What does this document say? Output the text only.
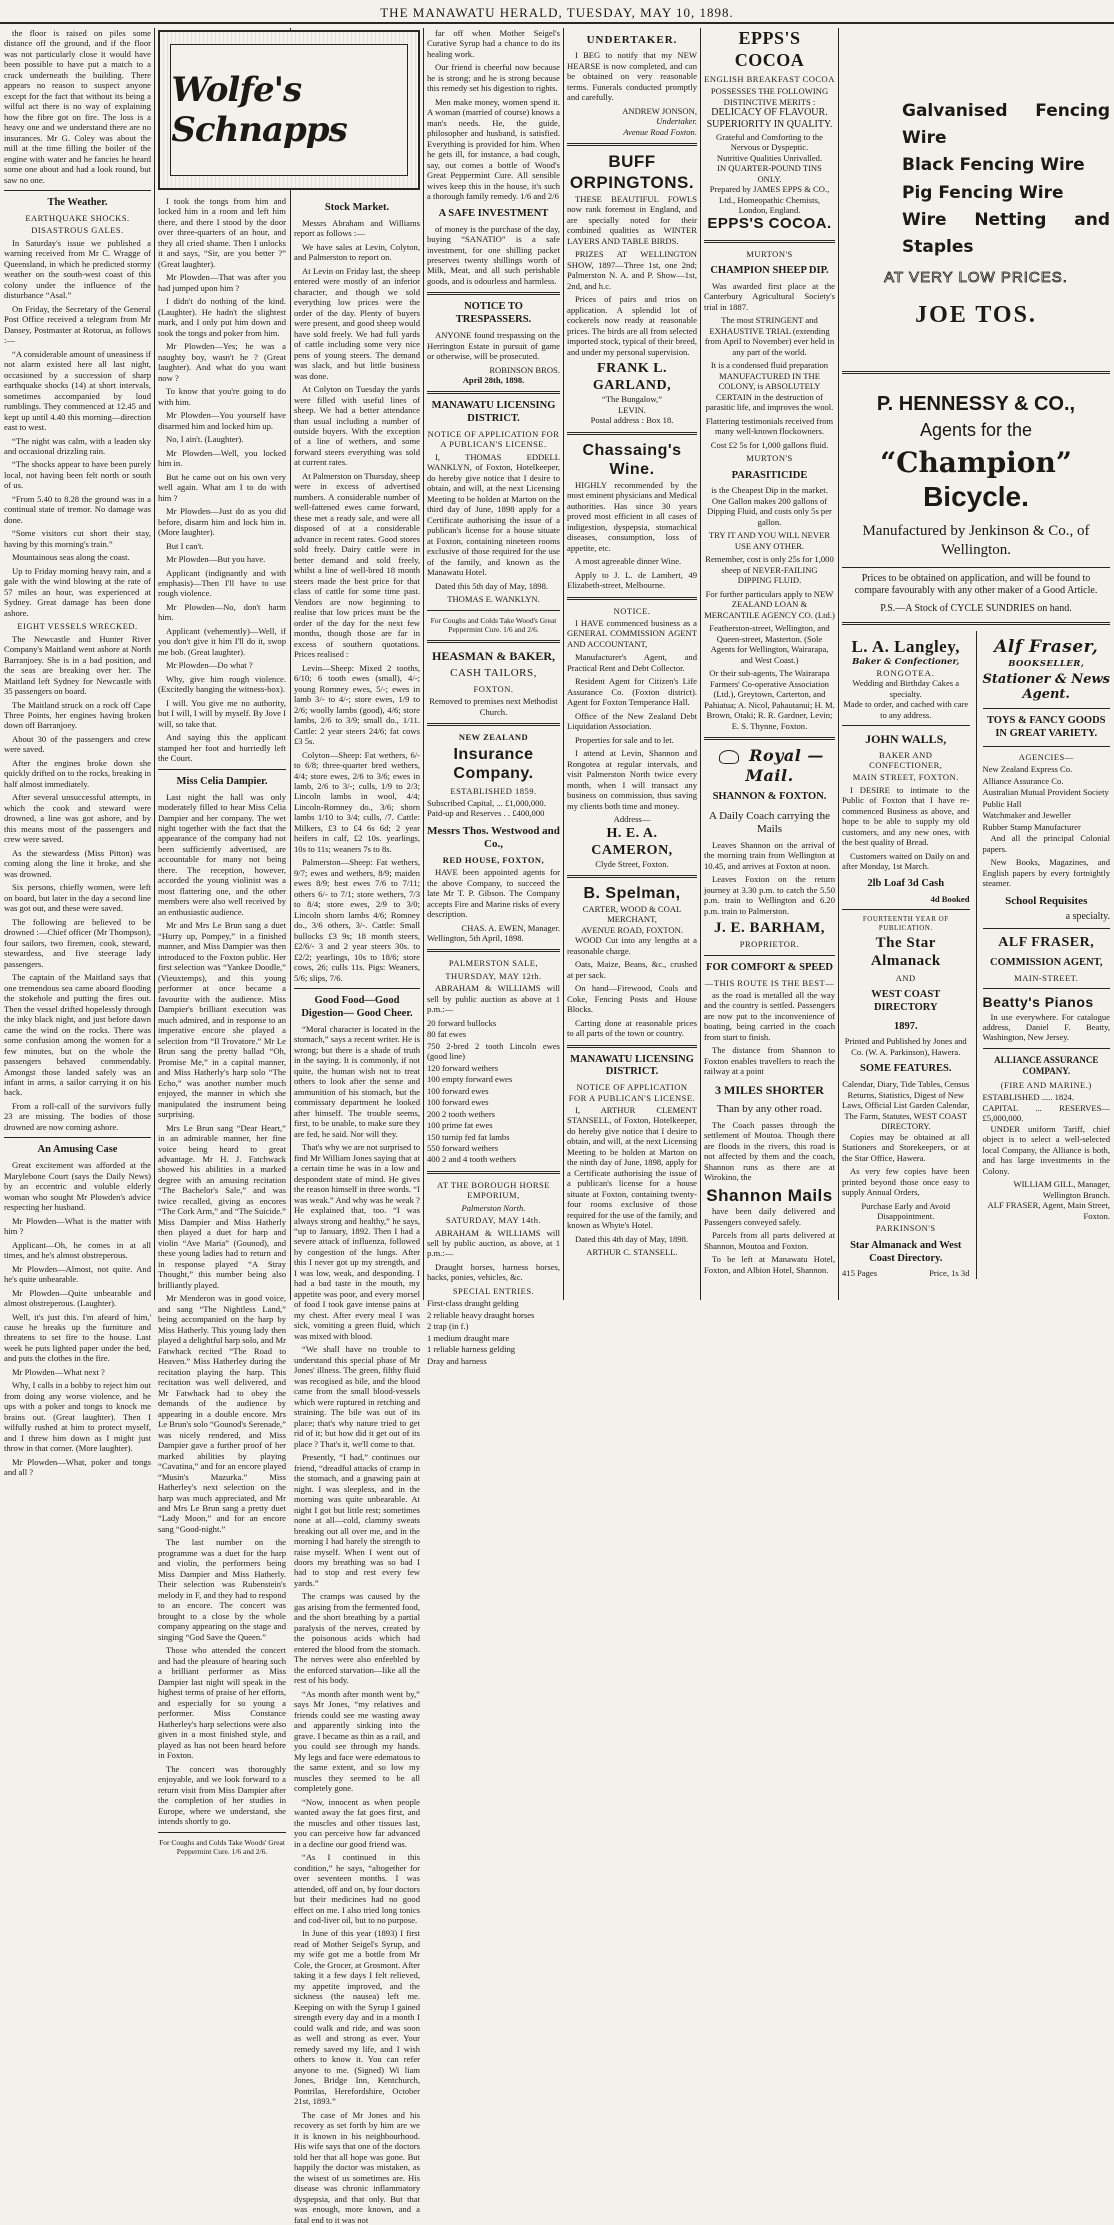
THE MANAWATU HERALD, TUESDAY, MAY 10, 1898.

the floor is raised on piles some distance off the ground, and if the floor was not particularly close it would have been possible to have put a match to a crack underneath the building. There appears no reason to suspect anyone except for the fact that without its being a wilful act there is no way of explaining how the fibre got on fire. The loss is a heavy one and we understand there are no insurances. Mr G. Coley was about the mill at the time filling the boiler of the engine with water and he fancies he heard some one about and had a look round, but saw no one.

The Weather.
EARTHQUAKE SHOCKS.
DISASTROUS GALES.

In Saturday's issue we published a warning received from Mr C. Wragge of Queensland, in which he predicted stormy weather on the south-west coast of this colony under the influence of the disturbance “Asal.”

On Friday, the Secretary of the General Post Office received a telegram from Mr Dansey, Postmaster at Rotorua, as follows :—

“A considerable amount of uneasiness if not alarm existed here all last night, occasioned by a succession of sharp earthquake shocks (14) at short intervals, sometimes accompanied by loud rumblings. They commenced at 12.45 and kept up until 4.40 this morning—direction east to west.

“The night was calm, with a leaden sky and occasional drizzling rain.

“The shocks appear to have been purely local, not having been felt north or south of us.

“From 5.40 to 8.28 the ground was in a continual state of tremor. No damage was done.

“Some visitors cut short their stay, having by this morning's train.”

Mountainous seas along the coast.

Up to Friday morning heavy rain, and a gale with the wind blowing at the rate of 57 miles an hour, was experienced at Sydney. Great damage has been done ashore.

EIGHT VESSELS WRECKED.

The Newcastle and Hunter River Company's Maitland went ashore at North Barranjoey. She is in a bad position, and the seas are breaking over her. The Maitland left Sydney for Newcastle with 35 passengers on board.

The Maitland struck on a rock off Cape Three Points, her engines having broken down off Barranjoey.

About 30 of the passengers and crew were saved.

After the engines broke down she quickly drifted on to the rocks, breaking in half almost immediately.

After several unsuccessful attempts, in which the cook and steward were drowned, a line was got ashore, and by this means most of the passengers and crew were saved.

As the stewardess (Miss Pitton) was coming along the line it broke, and she was drowned.

Six persons, chiefly women, were left on board, but later in the day a second line was got out, and these were saved.

The following are believed to be drowned :—Chief officer (Mr Thompson), four sailors, two firemen, cook, steward, stewardess, and five steerage lady passengers.

The captain of the Maitland says that one tremendous sea came aboard flooding the stokehole and putting the fires out. Then the vessel drifted hopelessly through the inky black night, and just before dawn came the wind on the rocks. There was some confusion among the women for a few minutes, but on the whole the passengers behaved commendably. Amongst those landed safely was an infant in arms, a sailor carrying it on his back.

From a roll-call of the survivors fully 23 are missing. The bodies of those drowned are now coming ashore.

An Amusing Case

Great excitement was afforded at the Marylebone Court (says the Daily News) by an eccentric and voluble elderly woman who sought Mr Plowden's advice respecting her husband.

Mr Plowden—What is the matter with him ?

Applicant—Oh, he comes in at all times, and he's almost obstreperous.

Mr Plowden—Almost, not quite. And he's quite unbearable.

Mr Plowden—Quite unbearable and almost obstreperous. (Laughter).

Well, it's just this. I'm afeard of him,' cause he breaks up the furniture and threatens to set fire to the house. Last week he puts lighted paper under the bed, and puts the clothes in the fire.

Mr Plowden—What next ?

Why, I calls in a bobby to reject him out from doing any worse violence, and he ups with a poker and tongs to knock me brains out. (Great laughter). Then I wilfully rushed at him to protect myself, and I threw him down as I might just throw in that corner. (More laughter).

Mr Plowden—What, poker and tongs and all ?

Wolfe's Schnapps

I took the tongs from him and locked him in a room and left him there, and there I stood by the door over three-quarters of an hour, and they all cried shame. Then I unlocks it and says, “Sir, are you better ?” (Great laughter).

Mr Plowden—That was after you had jumped upon him ?

I didn't do nothing of the kind. (Laughter). He hadn't the slightest mark, and I only put him down and took the tongs and poker from him.

Mr Plowden—Yes; he was a naughty boy, wasn't he ? (Great laughter). And what do you want now ?

To know that you're going to do with him.

Mr Plowden—You yourself have disarmed him and locked him up.

No, I ain't. (Laughter).

Mr Plowden—Well, you locked him in.

But he came out on his own very well again. What am I to do with him ?

Mr Plowden—Just do as you did before, disarm him and lock him in. (More laughter).

But I can't.

Mr Plowden—But you have.

Applicant (indignantly and with emphasis)—Then I'll have to use rough violence.

Mr Plowden—No, don't harm him.

Applicant (vehemently)—Well, if you don't give it him I'll do it, swop me bob. (Great laughter).

Mr Plowden—Do what ?

Why, give him rough violence. (Excitedly banging the witness-box).

I will. You give me no authority, but I will, I will by myself. By Jove I will, so take that.

And saying this the applicant stamped her foot and hurriedly left the Court.

Miss Celia Dampier.

Last night the hall was only moderately filled to hear Miss Celia Dampier and her company. The wet night together with the fact that the appearance of the company had not been sufficiently advertised, are accountable for many not being there. The reception, however, accorded the young violinist was a most flattering one, and the other members were also well received by an enthusiastic audience.

Mr and Mrs Le Brun sang a duet “Hurry up, Pompey,” in a finished manner, and Miss Dampier was then introduced to the Foxton public. Her first selection was “Yankee Doodle,” (Vieuxtemps), and this young performer at once became a favourite with the audience. Miss Dampier's brilliant execution was much admired, and in response to an imperative encore she played a selection from “Il Trovatore.” Mr Le Brun sang the pretty ballad “Oh, Promise Me,” in a capital manner, and Miss Hatherly's harp solo “The Echo,” was another number much enjoyed, the manner in which she manipulated the instrument being surprising.

Mrs Le Brun sang “Dear Heart,” in an admirable manner, her fine voice being heard to great advantage. Mr H. J. Fatchwack showed his abilities in a marked degree with an amusing recitation “The Bachelor's Sale,” and was twice recalled, giving as encores “The Cork Arm,” and “The Suicide.” Miss Dampier and Miss Hatherly then played a duet for harp and violin “Ave Maria” (Gounod), and these young ladies had to return and in response played “A Stray Thought,” this number being also brilliantly played.

Mr Menderon was in good voice, and sang “The Nightless Land,” being accompanied on the harp by Miss Hatherly. This young lady then played a delightful harp solo, and Mr Fatwhack recited “The Road to Heaven.” Miss Hatherley during the recitation playing the harp. This recitation was well delivered, and Mr Fatwhack had to obey the demands of the audience by appearing in a double encore. Mrs Le Brun's solo “Gounod's Serenade,” was nicely rendered, and Miss Dampier gave a further proof of her marked abilities by playing “Cavatina,” and for an encore played “Musin's Mazurka.” Miss Hatherley's next selection on the harp was much appreciated, and Mr and Mrs Le Brun sang a pretty duet “Lady Moon,” and for an encore sang “Good-night.”

The last number on the programme was a duet for the harp and violin, the performers being Miss Dampier and Miss Hatherly. Their selection was Rubenstein's melody in F, and they had to respond to an encore. The concert was brought to a close by the whole company appearing on the stage and singing “God Save the Queen.”

Those who attended the concert and had the pleasure of hearing such a brilliant performer as Miss Dampier last night will speak in the highest terms of praise of her efforts, and especially for so young a performer. Miss Constance Hatherley's harp selections were also given in a most finished style, and played as has not been heard before in Foxton.

The concert was thoroughly enjoyable, and we look forward to a return visit from Miss Dampier after the completion of her studies in Europe, where we understand, she intends shortly to go.

For Coughs and Colds Take Woods' Great Peppermint Cure. 1/6 and 2/6.
Stock Market.

Messrs Abraham and Williams report as follows :—

We have sales at Levin, Colyton, and Palmerston to report on.

At Levin on Friday last, the sheep entered were mostly of an inferior character, and though we sold everything low prices were the order of the day. Plenty of buyers were present, and good sheep would have sold freely. We had full yards of cattle including some very nice pens of young steers. The demand was slack, and but little business was done.

At Colyton on Tuesday the yards were filled with useful lines of sheep. We had a better attendance than usual including a number of outside buyers. With the exception of a line of wethers, and some forward steers everything was sold at current rates.

At Palmerston on Thursday, sheep were in excess of advertised numbers. A considerable number of well-fattened ewes came forward, these met a ready sale, and were all disposed of at a considerable advance in recent rates. Good stores sold freely. Dairy cattle were in better demand and sold freely, whilst a line of well-bred 18 month steers made the best price for that class of cattle for some time past. Vendors are now beginning to realise that low prices must be the order of the day for the next few months, though those are far in excess of southern quotations. Prices realised :

Levin—Sheep: Mixed 2 tooths, 6/10; 6 tooth ewes (small), 4/-; young Romney ewes, 5/-; ewes in lamb 3/- to 4/-; store ewes, 1/9 to 2/6; woolly lambs (good), 4/6; store lambs, 2/6 to 3/9; small do., 1/11. Cattle: 2 year steers 24/6; fat cows £3 5s.

Colyton—Sheep: Fat wethers, 6/- to 6/8; three-quarter bred wethers, 4/4; store ewes, 2/6 to 3/6; ewes in lamb, 2/6 to 3/-; culls, 1/9 to 2/3; Lincoln lambs in wool, 4/4; Lincoln-Romney do., 3/6; shorn lambs 1/10 to 3/4; culls, /7. Cattle: Milkers, £3 to £4 6s 6d; 2 year heifers in calf, £2 10s. yearlings, 10s to 11s; weaners 7s to 8s.

Palmerston—Sheep: Fat wethers, 9/7; ewes and wethers, 8/9; maiden ewes 8/9; best ewes 7/6 to 7/11; others 6/- to 7/1; store wethers, 7/3 to 8/4; store ewes, 2/9 to 3/0; Lincoln shorn lambs 4/6; Romney do., 3/6 others, 3/-. Cattle: Small bullocks £3 9s; 18 month steers, £2/6/- 3 and 2 year steers 30s. to £2/2; yearlings, 10s to 18/6; store cows, 26; culls 11s. Pigs: Weaners, 5/6; slips, 7/6.

Good Food—Good Digestion— Good Cheer.

“Moral character is located in the stomach,” says a recent writer. He is wrong; but there is a shade of truth in the saying. It is commonly, if not quite, the human wish not to treat others to look after the sense and ammunition of his stomach, but the commissary department he looked after himself. The trouble seems, first, to be unable, to make sure they are fed, he said. Nor will they.

That's why we are not surprised to find Mr William Jones saying that at a certain time he was in a low and despondent state of mind. He gives the reason himself in three words. “I was weak.” And why was he weak ? He explained that, too. “I was always strong and healthy,” he says, “up to January, 1892. Then I had a severe attack of influenza, followed by congestion of the lungs. After this I never got up my strength, and I was low, weak, and desponding. I had a bad taste in the mouth, my appetite was poor, and every morsel of food I took gave intense pains at my chest. After every meal I was sick, vomiting a green fluid, which was mixed with blood.

“We shall have no trouble to understand this special phase of Mr Jones' illness. The green, filthy fluid was recogised as bile, and the blood came from the small blood-vessels which were ruptured in retching and straining. The bile was out of its place; that's why nature tried to get rid of it; but how did it get out of its place ? That's it, we'll come to that.

Presently, “I had,” continues our friend, “dreadful attacks of cramp in the stomach, and a gnawing pain at night. I was sleepless, and in the morning was quite unbearable. At night I got but little rest; sometimes none at all—cold, clammy sweats breaking out all over me, and in the morning I had barely the strength to raise myself. When I went out of doors my breathing was so bad I had to stop and rest every few yards.”

The cramps was caused by the gas arising from the fermented food, and the short breathing by a partial paralysis of the nerves, created by the poisonous acids which had entered the blood from the stomach. The nerves were also enfeebled by the enforced starvation—like all the rest of his body.

“As month after month went by,” says Mr Jones, “my relatives and friends could see me wasting away and apparently sinking into the grave. I became as thin as a rail, and you could see through my hands. My legs and face were edematous to the same extent, and so low my muscles they seemed to be all completely gone.

“Now, innocent as when people wanted away the fat goes first, and the muscles and other tissues last, you can perceive how far advanced in a decline our good friend was.

“As I continued in this condition,” he says, “altogether for over seventeen months. I was attended, off and on, by four doctors but their medicines had no good effect on me. I also tried long tonics and cod-liver oil, but to no purpose.

In June of this year (1893) I first read of Mother Seigel's Syrup, and my wife got me a bottle from Mr Cole, the Grocer, at Grosmont. After taking it a few days I felt relieved, my appetite improved, and the sickness (the nausea) left me. Keeping on with the Syrup I gained strength every day and in a month I could walk and ride, and was soon as well and strong as ever. Your remedy saved my life, and I wish others to know it. You can refer anyone to me. (Signed) Wi liam Jones, Bridge Inn, Kentchurch, Pontrilas, Herefordshire, October 21st, 1893.”

The case of Mr Jones and his recovery as set forth by him are we it is known in his neighbourhood. His wife says that one of the doctors told her that all hope was gone. But happily the doctor was mistaken, as the wisest of us sometimes are. His disease was chronic inflammatory dyspepsia, and that only. But that was enough, more known, and a fatal end to it was not

far off when Mother Seigel's Curative Syrup had a chance to do its healing work.

Our friend is cheerful now because he is strong; and he is strong because this remedy set his digestion to rights.

Men make money, women spend it. A woman (married of course) knows a man's needs. He, the guide, philosopher and husband, is satisfied. Everything is provided for him. When he gets ill, for instance, a bad cough, say, out comes a bottle of Wood's Great Peppermint Cure. All sensible wives keep this in the house, it's such a thorough family remedy. 1/6 and 2/6

A SAFE INVESTMENT

of money is the purchase of the day, buying “SANATIO” is a safe investment, for one shilling packet preserves twenty shillings worth of Milk, Meat, and all such perishable goods, and is odourless and harmless.

NOTICE TO TRESPASSERS.

ANYONE found trespassing on the Herrington Estate in pursuit of game or otherwise, will be prosecuted.

ROBINSON BROS.
April 28th, 1898.
MANAWATU LICENSING DISTRICT.
NOTICE OF APPLICATION FOR A PUBLICAN'S LICENSE.

I, THOMAS EDDELL WANKLYN, of Foxton, Hotelkeeper, do hereby give notice that I desire to obtain, and will, at the next Licensing Meeting to be holden at Marton on the third day of June, 1898 apply for a Certificate authorising the issue of a publican's license for a house situate at Foxton, containing nineteen rooms exclusive of those required for the use of the family, and known as the Manawatu Hotel.

Dated this 5th day of May, 1898.

THOMAS E. WANKLYN.
For Coughs and Colds Take Wood's Great Peppermint Cure. 1/6 and 2/6.
HEASMAN & BAKER,
CASH TAILORS,
FOXTON.
Removed to premises next Methodist Church.
NEW ZEALAND
Insurance Company.
ESTABLISHED 1859.
Subscribed Capital, ... £1,000,000.
Paid-up and Reserves . . £400,000
Messrs Thos. Westwood and Co.,
RED HOUSE, FOXTON,

HAVE been appointed agents for the above Company, to succeed the late Mr T. P. Gibson. The Company accepts Fire and Marine risks of every description.

CHAS. A. EWEN, Manager.
Wellington, 5th April, 1898.
PALMERSTON SALE,
THURSDAY, MAY 12th.

ABRAHAM & WILLIAMS will sell by public auction as above at 1 p.m.:—

20 forward bullocks
80 fat ewes
750 2-bred 2 tooth Lincoln ewes (good line)
120 forward wethers
100 empty forward ewes
100 forward ewes
100 forward ewes
200 2 tooth wethers
100 prime fat ewes
150 turnip fed fat lambs
550 forward wethers
400 2 and 4 tooth wethers
AT THE BOROUGH HORSE EMPORIUM,
Palmerston North.
SATURDAY, MAY 14th.

ABRAHAM & WILLIAMS will sell by public auction, as above, at 1 p.m.:—

Draught horses, harness horses, hacks, ponies, vehicles, &c.

SPECIAL ENTRIES.
First-class draught gelding
2 reliable heavy draught horses
2 trap (in f.)
1 medium draught mare
1 reliable harness gelding
Dray and harness
UNDERTAKER.

I BEG to notify that my NEW HEARSE is now completed, and can be obtained on very reasonable terms. Funerals conducted promptly and carefully.

ANDREW JONSON,
Undertaker.
Avenue Road Foxton.
BUFF ORPINGTONS.

THESE BEAUTIFUL FOWLS now rank foremost in England, and are specially noted for their combined qualities as WINTER LAYERS AND TABLE BIRDS.

PRIZES AT WELLINGTON SHOW, 1897—Three 1st, one 2nd; Palmerston N. A. and P. Show—1st, 2nd, and h.c.

Prices of pairs and trios on application. A splendid lot of cockerels now ready at reasonable prices. The birds are all from selected imported stock, typical of their breed, and under my personal supervision.

FRANK L. GARLAND,
“The Bungalow,”
LEVIN.
Postal address : Box 18.
Chassaing's Wine.

HIGHLY recommended by the most eminent physicians and Medical authorities. Has since 30 years proved most efficient in all cases of indigestion, dyspepsia, stomachical diseases, consumption, loss of appetite, etc.

A most agreeable dinner Wine.

Apply to J. L. de Lambert, 49 Elizabeth-street, Melbourne.

NOTICE.

I HAVE commenced business as a GENERAL COMMISSION AGENT AND ACCOUNTANT,

Manufacturer's Agent, and Practical Rent and Debt Collector.

Resident Agent for Citizen's Life Assurance Co. (Foxton district). Agent for Foxton Temperance Hall.

Office of the New Zealand Debt Liquidation Association.

Properties for sale and to let.

I attend at Levin, Shannon and Rongotea at regular intervals, and visit Palmerston North twice every month, when I will transact any business on commission, thus saving my clients both time and money.

Address—
H. E. A. CAMERON,
Clyde Street, Foxton.
B. Spelman,
CARTER, WOOD & COAL MERCHANT,
AVENUE ROAD, FOXTON.

WOOD Cut into any lengths at a reasonable charge.

Oats, Maize, Beans, &c., crushed at per sack.

On hand—Firewood, Coals and Coke, Fencing Posts and House Blocks.

Carting done at reasonable prices to all parts of the town or country.

MANAWATU LICENSING DISTRICT.
NOTICE OF APPLICATION FOR A PUBLICAN'S LICENSE.

I, ARTHUR CLEMENT STANSELL, of Foxton, Hotelkeeper, do hereby give notice that I desire to obtain, and will, at the next Licensing Meeting to be holden at Marton on the ninth day of June, 1898, apply for a Certificate authorising the issue of a publican's license for a house situate at Foxton, containing twenty-four rooms exclusive of those required for the use of the family, and known as Whyte's Hotel.

Dated this 4th day of May, 1898.

ARTHUR C. STANSELL.
EPPS'S COCOA
ENGLISH BREAKFAST COCOA
POSSESSES THE FOLLOWING
DISTINCTIVE MERITS :
DELICACY OF FLAVOUR.
SUPERIORITY IN QUALITY.
Grateful and Comforting to the Nervous or Dyspeptic.
Nutritive Qualities Unrivalled.
IN QUARTER-POUND TINS ONLY.
Prepared by JAMES EPPS & CO., Ltd., Homeopathic Chemists, London, England.
EPPS'S COCOA.
MURTON'S
CHAMPION SHEEP DIP.

Was awarded first place at the Canterbury Agricultural Society's trial in 1887.

The most STRINGENT and EXHAUSTIVE TRIAL (extending from April to November) ever held in any part of the world.

It is a condensed fluid preparation MANUFACTURED IN THE COLONY, is ABSOLUTELY CERTAIN in the destruction of parasitic life, and improves the wool.

Flattering testimonials received from many well-known flockowners.

Cost £2 5s for 1,000 gallons fluid.

MURTON'S
PARASITICIDE

is the Cheapest Dip in the market. One Gallon makes 200 gallons of Dipping Fluid, and costs only 5s per gallon.

TRY IT AND YOU WILL NEVER USE ANY OTHER.

Remember, cost is only 25s for 1,000 sheep of NEVER-FAILING DIPPING FLUID.

For further particulars apply to NEW ZEALAND LOAN & MERCANTILE AGENCY CO. (Ltd.)

Featherston-street, Wellington, and Queen-street, Masterton. (Sole Agents for Wellington, Wairarapa, and West Coast.)

Or their sub-agents, The Wairarapa Farmers' Co-operative Association (Ltd.), Greytown, Carterton, and Pahiatua; A. Nicol, Pahautanui; H. M. Brown, Otaki; R. R. Gardner, Levin; E. S. Thynne, Foxton.

Royal — Mail.
SHANNON & FOXTON.
A Daily Coach carrying the Mails

Leaves Shannon on the arrival of the morning train from Wellington at 10.45, and arrives at Foxton at noon.

Leaves Foxton on the return journey at 3.30 p.m. to catch the 5.50 p.m. train to Wellington and 6.20 p.m. train to Palmerston.

J. E. BARHAM,
PROPRIETOR.
FOR COMFORT & SPEED
—THIS ROUTE IS THE BEST—

as the road is metalled all the way and the country is settled. Passengers are now put to the inconvenience of boating, being carried in the coach from start to finish.

The distance from Shannon to Foxton enables travellers to reach the railway at a point

3 MILES SHORTER
Than by any other road.

The Coach passes through the settlement of Moutoa. Though there are floods in the rivers, this road is not affected by them and the coach, Shannon runs as there are at Wirokino, the

Shannon Mails

have been daily delivered and Passengers conveyed safely.

Parcels from all parts delivered at Shannon, Moutoa and Foxton.

To be left at Manawatu Hotel, Foxton, and Albion Hotel, Shannon.

Galvanised Fencing Wire
Black Fencing Wire
Pig Fencing Wire
Wire Netting and Staples
AT VERY LOW PRICES.
JOE TOS.
P. HENNESSY & CO.,
Agents for the
“Champion”
Bicycle.
Manufactured by Jenkinson & Co., of Wellington.
Prices to be obtained on application, and will be found to compare favourably with any other maker of a Good Article.
P.S.—A Stock of CYCLE SUNDRIES on hand.
L. A. Langley,
Baker & Confectioner,
RONGOTEA.
Wedding and Birthday Cakes a specialty.
Made to order, and cached with care to any address.
JOHN WALLS,
BAKER AND CONFECTIONER,
MAIN STREET, FOXTON.

I DESIRE to intimate to the Public of Foxton that I have re-commenced Business as above, and hope to be able to supply my old customers, and any new ones, with the best quality of Bread.

Customers waited on Daily on and after Monday, 1st March.

2lb Loaf 3d Cash
4d Booked
FOURTEENTH YEAR OF PUBLICATION.
The Star Almanack
AND
WEST COAST DIRECTORY
1897.
Printed and Published by Jones and Co. (W. A. Parkinson), Hawera.
SOME FEATURES.
Calendar, Diary, Tide Tables, Census Returns, Statistics, Digest of New Laws, Official List Garden Calendar, The Farm, Statutes, WEST COAST DIRECTORY.

Copies may be obtained at all Stationers and Storekeepers, or at the Star Office, Hawera.

As very few copies have been printed beyond those once easy to supply Annual Orders,

Purchase Early and Avoid Disappointment.
PARKINSON'S
Star Almanack and West Coast Directory.
415 Pages	Price, 1s 3d
Alf Fraser,
BOOKSELLER,
Stationer & News Agent.
TOYS & FANCY GOODS IN GREAT VARIETY.
AGENCIES—
New Zealand Express Co.
Alliance Assurance Co.
Australian Mutual Provident Society
Public Hall
Watchmaker and Jeweller
Rubber Stamp Manufacturer

And all the principal Colonial papers.

New Books, Magazines, and English papers by every fortnightly steamer.

School Requisites
a specialty.
ALF FRASER,
COMMISSION AGENT,
MAIN-STREET.
Beatty's Pianos

In use everywhere. For catalogue address, Daniel F. Beatty, Washington, New Jersey.

ALLIANCE ASSURANCE COMPANY.
(FIRE AND MARINE.)
ESTABLISHED ..... 1824.
CAPITAL ... RESERVES— £5,000,000.

UNDER uniform Tariff, chief object is to select a well-selected local Company, the Alliance is both, and has large investments in the Colony.

WILLIAM GILL, Manager, Wellington Branch.
ALF FRASER, Agent, Main Street, Foxton.
